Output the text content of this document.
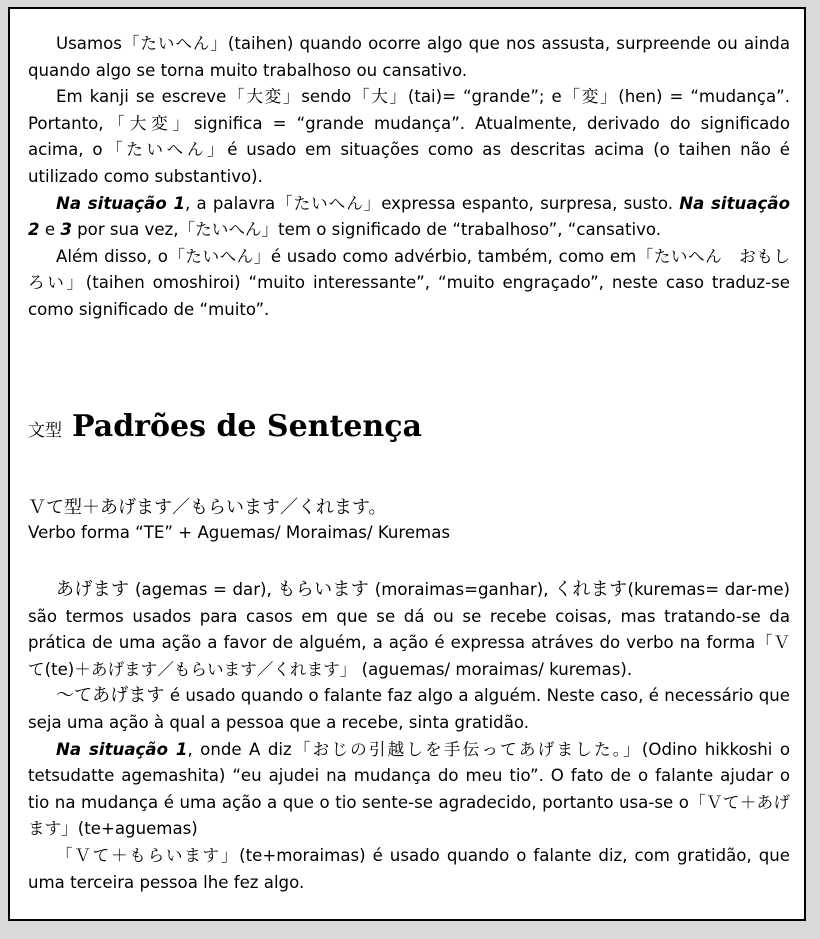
Usamos「たいへん」(taihen) quando ocorre algo que nos assusta, surpreende ou ainda quando algo se torna muito trabalhoso ou cansativo.

Em kanji se escreve「大変」sendo「大」(tai)= “grande”; e「変」(hen) = “mudança”. Portanto,「大変」significa = “grande mudança”. Atualmente, derivado do significado acima, o「たいへん」é usado em situações como as descritas acima (o taihen não é utilizado como substantivo).

Na situação 1, a palavra「たいへん」expressa espanto, surpresa, susto. Na situação 2 e 3 por sua vez,「たいへん」tem o significado de “trabalhoso”, “cansativo.

Além disso, o「たいへん」é usado como advérbio, também, como em「たいへん　おもしろい」(taihen omoshiroi) “muito interessante”, “muito engraçado”, neste caso traduz-se como significado de “muito”.

文型 Padrões de Sentença

Ｖて型＋あげます／もらいます／くれます。

Verbo forma “TE” + Aguemas/ Moraimas/ Kuremas

あげます (agemas = dar), もらいます (moraimas=ganhar), くれます(kuremas= dar-me) são termos usados para casos em que se dá ou se recebe coisas, mas tratando-se da prática de uma ação a favor de alguém, a ação é expressa atráves do verbo na forma「Ｖて(te)＋あげます／もらいます／くれます」 (aguemas/ moraimas/ kuremas).

～てあげます é usado quando o falante faz algo a alguém. Neste caso, é necessário que seja uma ação à qual a pessoa que a recebe, sinta gratidão.

Na situação 1, onde A diz「おじの引越しを手伝ってあげました。」(Odino hikkoshi o tetsudatte agemashita) “eu ajudei na mudança do meu tio”. O fato de o falante ajudar o tio na mudança é uma ação a que o tio sente-se agradecido, portanto usa-se o「Ｖて＋あげます」(te+aguemas)

「Ｖて＋もらいます」(te+moraimas) é usado quando o falante diz, com gratidão, que uma terceira pessoa lhe fez algo.
